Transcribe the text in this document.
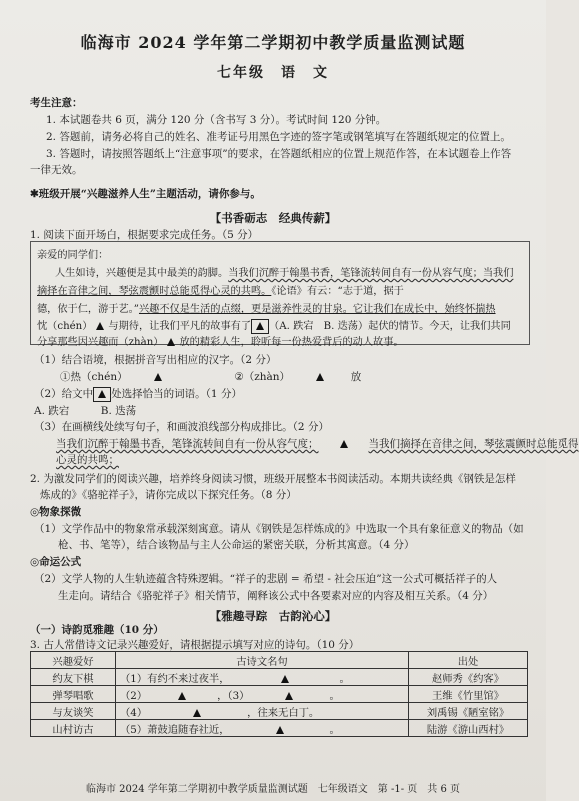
临海市 2024 学年第二学期初中教学质量监测试题
七年级　语　文
考生注意：
1. 本试题卷共 6 页，满分 120 分（含书写 3 分）。考试时间 120 分钟。
2. 答题前，请务必将自己的姓名、准考证号用黑色字迹的签字笔或钢笔填写在答题纸规定的位置上。
3. 答题时，请按照答题纸上“注意事项”的要求，在答题纸相应的位置上规范作答，在本试题卷上作答
一律无效。
✱班级开展“兴趣滋养人生”主题活动，请你参与。
【书香砺志　经典传薪】
1. 阅读下面开场白，根据要求完成任务。（5 分）
亲爱的同学们：
人生如诗，兴趣便是其中最美的韵脚。当我们沉醉于翰墨书香，笔锋流转间自有一份从容气度；当我们
摘择在音律之间，琴弦震颤时总能觅得心灵的共鸣。《论语》有云：“志于道，据于
德，依于仁，游于艺。”兴趣不仅是生活的点缀，更是滋养性灵的甘泉。它让我们在成长中，始终怀揣热
忱（chén） 与期待，让我们平凡的故事有了 （A. 跌宕　B. 迭荡）起伏的情节。今天，让我们共同
分享那些因兴趣而（zhàn） 放的精彩人生，聆听每一份热爱背后的动人故事。
（1）结合语境，根据拼音写出相应的汉字。（2 分）
①热（chén）	②（zhàn）	放
（2）给文中 处选择恰当的词语。（1 分）
A. 跌宕　　　B. 迭荡
（3）在画横线处续写句子，和画波浪线部分构成排比。（2 分）
当我们沉醉于翰墨书香，笔锋流转间自有一份从容气度；	当我们摘择在音律之间，琴弦震颤时总能觅得
心灵的共鸣；
2. 为激发同学们的阅读兴趣，培养终身阅读习惯，班级开展整本书阅读活动。本期共读经典《钢铁是怎样
炼成的》《骆驼祥子》，请你完成以下探究任务。（8 分）
◎物象探微
（1）文学作品中的物象常承载深刻寓意。请从《钢铁是怎样炼成的》中选取一个具有象征意义的物品（如
枪、书、笔等），结合该物品与主人公命运的紧密关联，分析其寓意。（4 分）
◎命运公式
（2）文学人物的人生轨迹蕴含特殊逻辑。“祥子的悲剧 = 希望 - 社会压迫”这一公式可概括祥子的人
生走向。请结合《骆驼祥子》相关情节，阐释该公式中各要素对应的内容及相互关系。（4 分）
【雅趣寻踪　古韵沁心】
（一）诗韵觅雅趣（10 分）
3. 古人常借诗文记录兴趣爱好，请根据提示填写对应的诗句。（10 分）
兴趣爱好	古诗文名句	出处
约友下棋	（1）有约不来过夜半， 。	赵师秀《约客》
弹琴唱歌	（2） ，（3） 。	王维《竹里馆》
与友谈笑	（4） ，往来无白丁。	刘禹锡《陋室铭》
山村访古	（5）萧鼓追随春社近， 。	陆游《游山西村》
临海市 2024 学年第二学期初中教学质量监测试题　七年级语文　第 -1- 页　共 6 页
